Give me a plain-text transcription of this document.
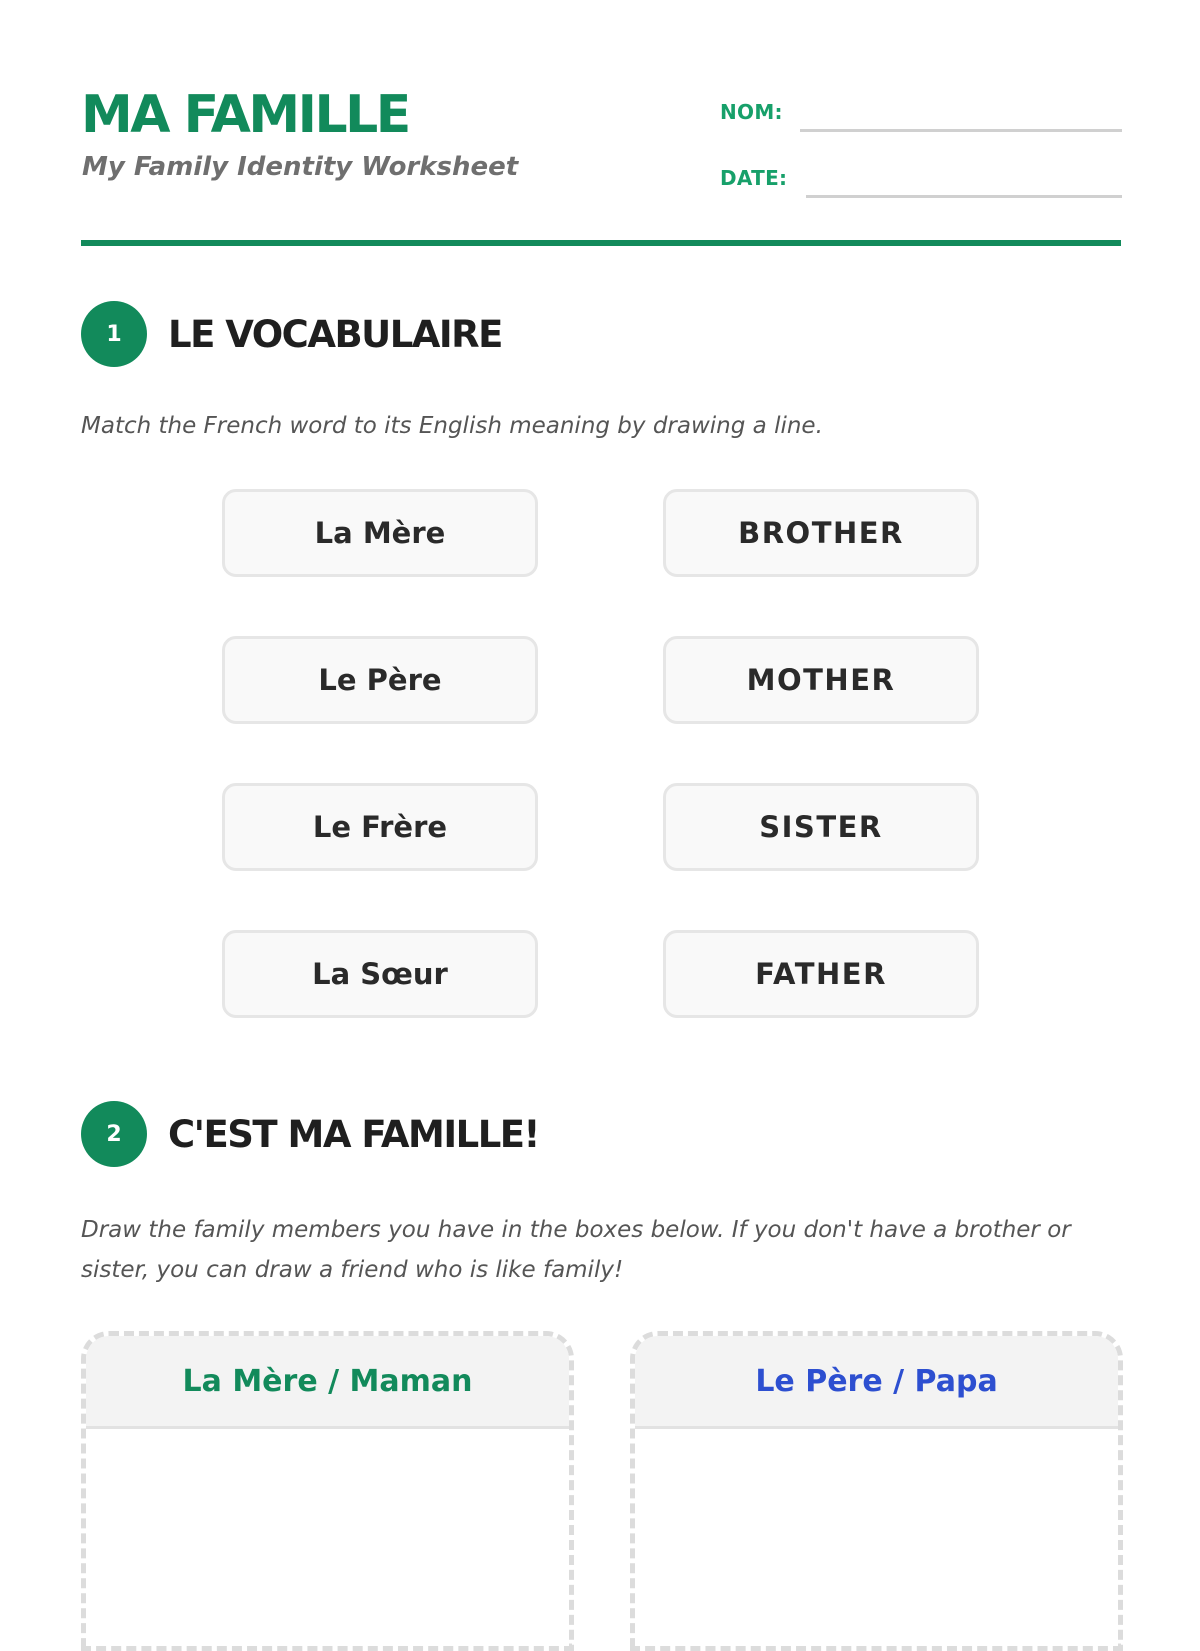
MA FAMILLE
My Family Identity Worksheet
NOM:
DATE:
1	LE VOCABULAIRE

Match the French word to its English meaning by drawing a line.

La Mère
Le Père
Le Frère
La Sœur
BROTHER
MOTHER
SISTER
FATHER
2	C'EST MA FAMILLE!

Draw the family members you have in the boxes below. If you don't have a brother or sister, you can draw a friend who is like family!

La Mère / Maman	Le Père / Papa
